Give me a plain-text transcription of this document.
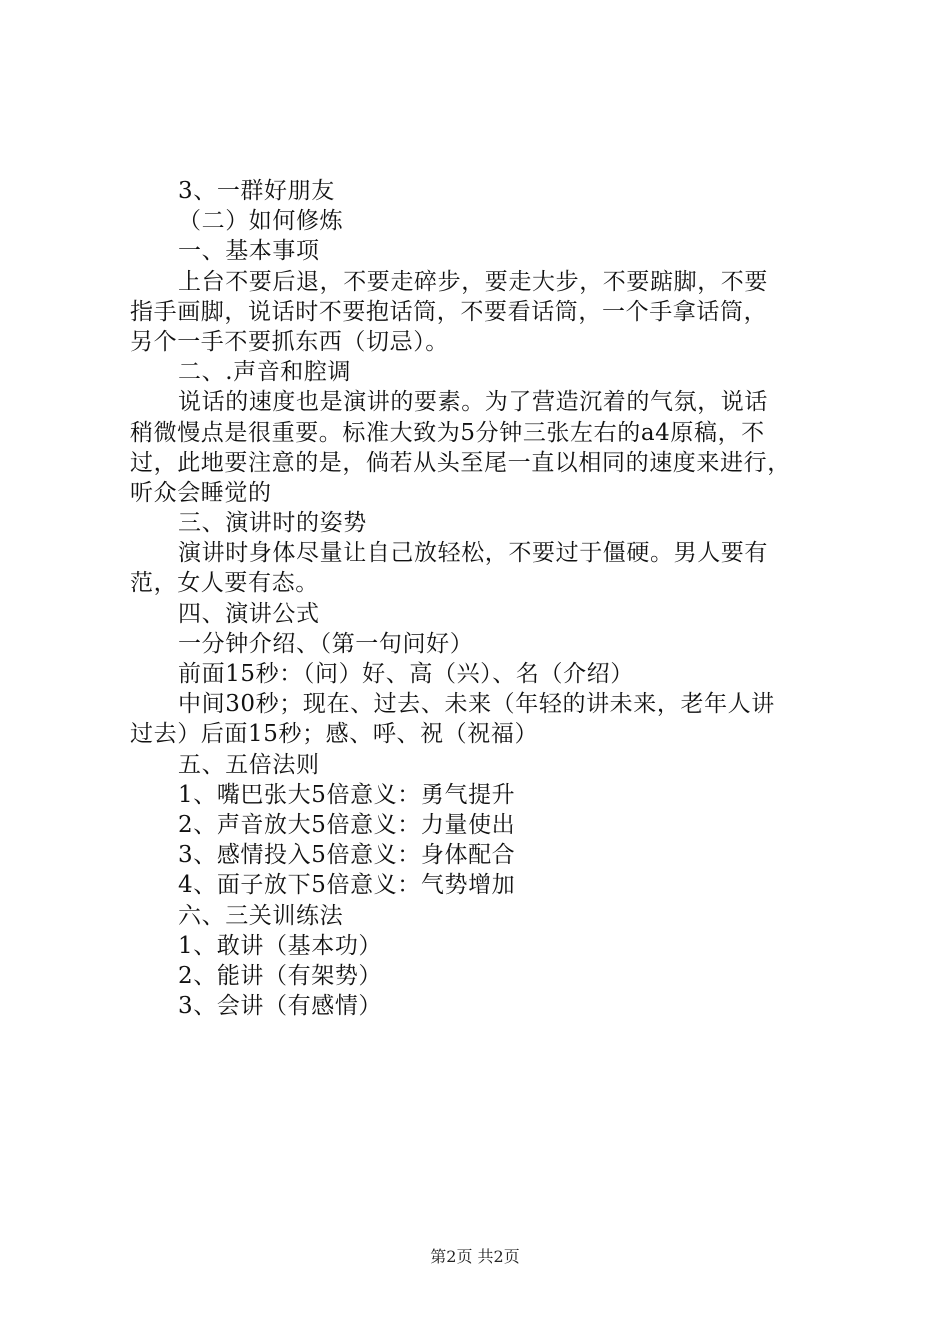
3、一群好朋友
（二）如何修炼
一、基本事项
上台不要后退，不要走碎步，要走大步，不要踮脚，不要
指手画脚，说话时不要抱话筒，不要看话筒，一个手拿话筒，
另个一手不要抓东西（切忌）。
二、.声音和腔调
说话的速度也是演讲的要素。为了营造沉着的气氛，说话
稍微慢点是很重要。标准大致为5分钟三张左右的a4原稿，不
过，此地要注意的是，倘若从头至尾一直以相同的速度来进行，
听众会睡觉的
三、演讲时的姿势
演讲时身体尽量让自己放轻松，不要过于僵硬。男人要有
范，女人要有态。
四、演讲公式
一分钟介绍、（第一句问好）
前面15秒：（问）好、高（兴）、名（介绍）
中间30秒；现在、过去、未来（年轻的讲未来，老年人讲
过去）后面15秒；感、呼、祝（祝福）
五、五倍法则
1、嘴巴张大5倍意义：勇气提升
2、声音放大5倍意义：力量使出
3、感情投入5倍意义：身体配合
4、面子放下5倍意义：气势增加
六、三关训练法
1、敢讲（基本功）
2、能讲（有架势）
3、会讲（有感情）
第2页 共2页
